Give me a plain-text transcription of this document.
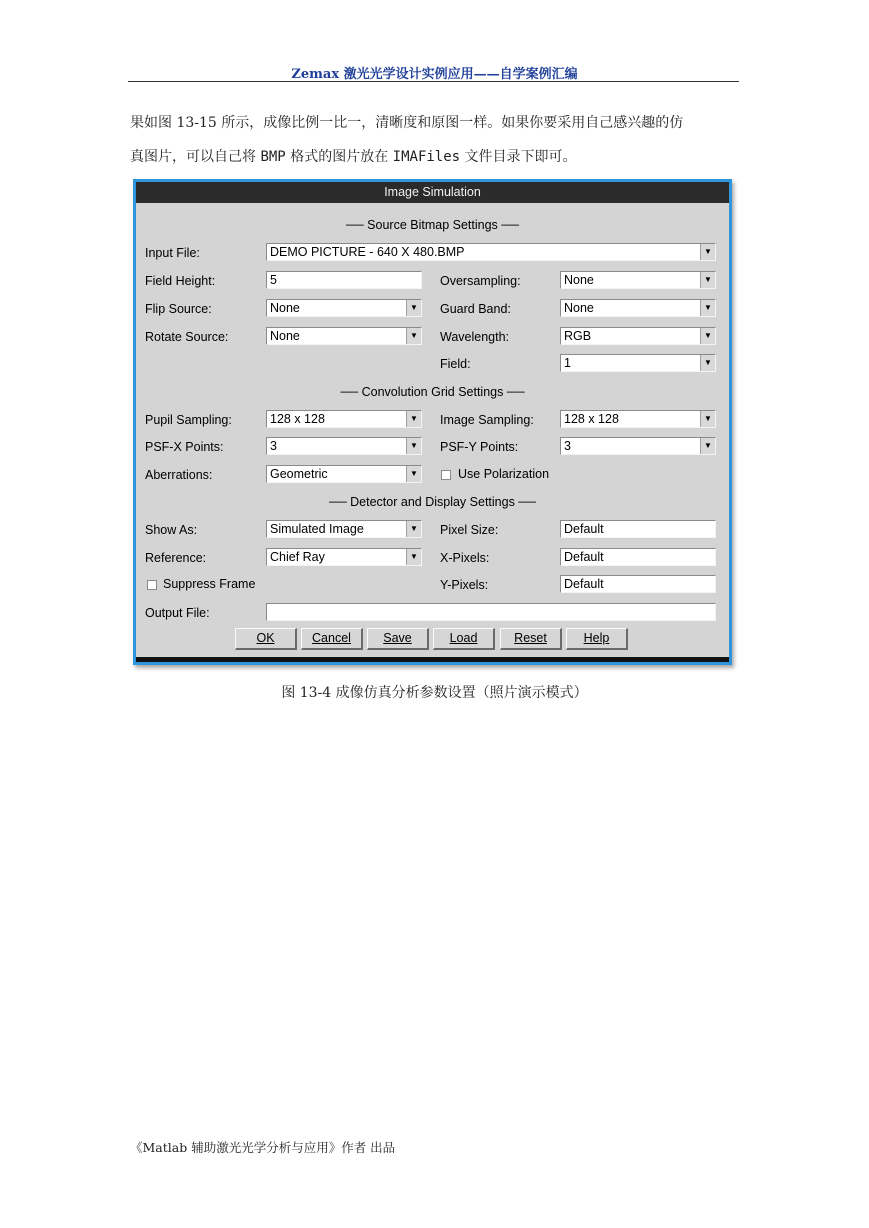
Zemax 激光光学设计实例应用——自学案例汇编
果如图 13-15 所示，成像比例一比一，清晰度和原图一样。如果你要采用自己感兴趣的仿
真图片，可以自己将 BMP 格式的图片放在 IMAFiles 文件目录下即可。
Image Simulation
── Source Bitmap Settings ──
Input File:	DEMO PICTURE - 640 X 480.BMP	▼
Field Height:	5	Oversampling:	None	▼
Flip Source:	None	▼ Guard Band:	None	▼
Rotate Source:	None	▼ Wavelength:	RGB	▼
Field:	1	▼
── Convolution Grid Settings ──
Pupil Sampling:	128 x 128	▼ Image Sampling:	128 x 128	▼
PSF-X Points:	3	▼ PSF-Y Points:	3	▼
Aberrations:	Geometric	▼	Use Polarization
── Detector and Display Settings ──
Show As:	Simulated Image	▼ Pixel Size:	Default
Reference:	Chief Ray	▼ X-Pixels:	Default
Suppress Frame	Y-Pixels:	Default
Output File:
OK	Cancel	Save	Load	Reset	Help
图 13-4 成像仿真分析参数设置（照片演示模式）
《Matlab 辅助激光光学分析与应用》作者 出品
